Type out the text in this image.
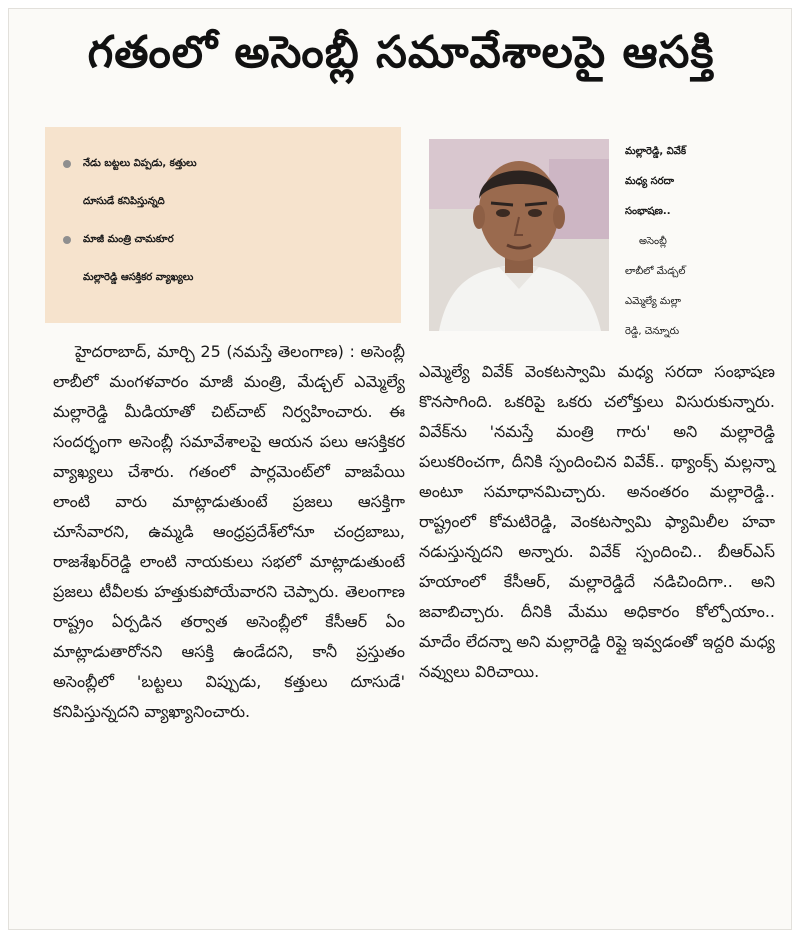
గతంలో అసెంబ్లీ సమావేశాలపై ఆసక్తి
నేడు బట్టలు విప్పడు, కత్తులు
దూసుడే కనిపిస్తున్నది
మాజీ మంత్రి చామకూర
మల్లారెడ్డి ఆసక్తికర వ్యాఖ్యలు
మల్లారెడ్డి, వివేక్
మధ్య సరదా
సంభాషణ..
అసెంబ్లీ
లాబీలో మేడ్చల్
ఎమ్మెల్యే మల్లా
రెడ్డి, చెన్నూరు

హైదరాబాద్, మార్చి 25 (నమస్తే తెలంగాణ) : అసెంబ్లీ లాబీలో మంగళవారం మాజీ మంత్రి, మేడ్చల్ ఎమ్మెల్యే మల్లారెడ్డి మీడియాతో చిట్‌చాట్ నిర్వహించారు. ఈ సందర్భంగా అసెంబ్లీ సమావేశాలపై ఆయన పలు ఆసక్తికర వ్యాఖ్యలు చేశారు. గతంలో పార్లమెంట్‌లో వాజపేయి లాంటి వారు మాట్లాడుతుంటే ప్రజలు ఆసక్తిగా చూసేవారని, ఉమ్మడి ఆంధ్రప్రదేశ్‌లోనూ చంద్రబాబు, రాజశేఖర్‌రెడ్డి లాంటి నాయకులు సభలో మాట్లాడుతుంటే ప్రజలు టీవీలకు హత్తుకుపోయేవారని చెప్పారు. తెలంగాణ రాష్ట్రం ఏర్పడిన తర్వాత అసెంబ్లీలో కేసీఆర్ ఏం మాట్లాడుతారోనని ఆసక్తి ఉండేదని, కానీ ప్రస్తుతం అసెంబ్లీలో 'బట్టలు విప్పుడు, కత్తులు దూసుడే' కనిపిస్తున్నదని వ్యాఖ్యానించారు.

ఎమ్మెల్యే వివేక్ వెంకటస్వామి మధ్య సరదా సంభాషణ కొనసాగింది. ఒకరిపై ఒకరు చలోక్తులు విసురుకున్నారు. వివేక్‌ను 'నమస్తే మంత్రి గారు' అని మల్లారెడ్డి పలుకరించగా, దీనికి స్పందించిన వివేక్.. థ్యాంక్స్ మల్లన్నా అంటూ సమాధానమిచ్చారు. అనంతరం మల్లారెడ్డి.. రాష్ట్రంలో కోమటిరెడ్డి, వెంకటస్వామి ఫ్యామిలీల హవా నడుస్తున్నదని అన్నారు. వివేక్ స్పందించి.. బీఆర్‌ఎస్ హయాంలో కేసీఆర్, మల్లారెడ్డిదే నడిచిందిగా.. అని జవాబిచ్చారు. దీనికి మేము అధికారం కోల్పోయాం.. మాదేం లేదన్నా అని మల్లారెడ్డి రిప్లై ఇవ్వడంతో ఇద్దరి మధ్య నవ్వులు విరిచాయి.
